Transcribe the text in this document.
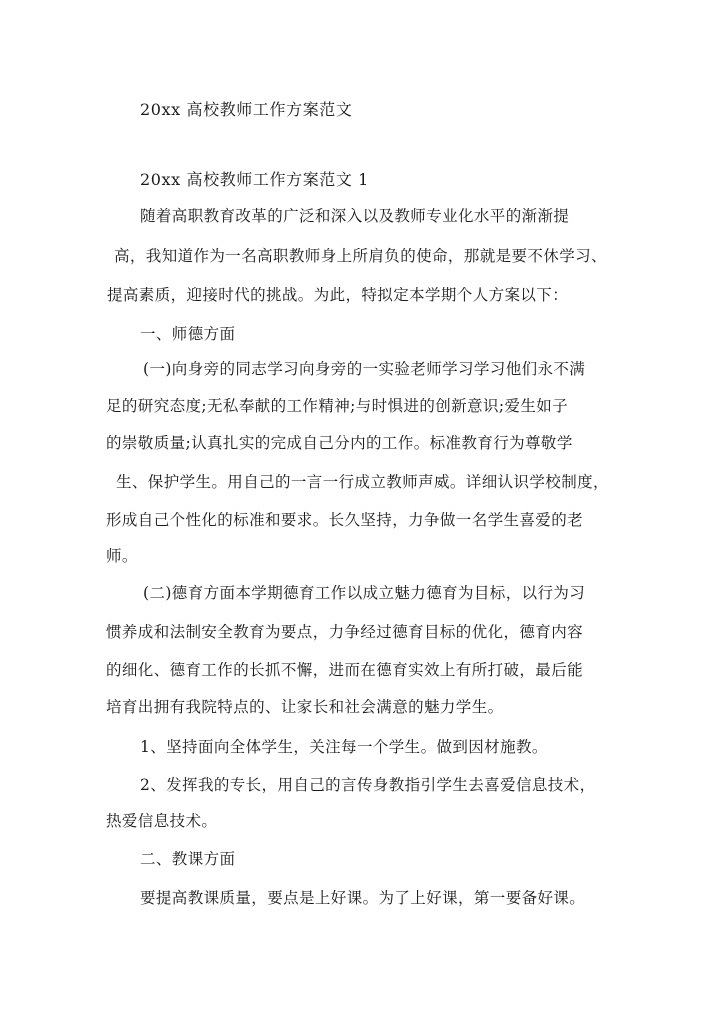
20xx 高校教师工作方案范文
20xx 高校教师工作方案范文 1
随着高职教育改革的广泛和深入以及教师专业化水平的渐渐提
高，我知道作为一名高职教师身上所肩负的使命，那就是要不休学习、
提高素质，迎接时代的挑战。为此，特拟定本学期个人方案以下：
一、师德方面
(一)向身旁的同志学习向身旁的一实验老师学习学习他们永不满
足的研究态度;无私奉献的工作精神;与时惧进的创新意识;爱生如子
的崇敬质量;认真扎实的完成自己分内的工作。标准教育行为尊敬学
生、保护学生。用自己的一言一行成立教师声威。详细认识学校制度，
形成自己个性化的标准和要求。长久坚持，力争做一名学生喜爱的老
师。
(二)德育方面本学期德育工作以成立魅力德育为目标，以行为习
惯养成和法制安全教育为要点，力争经过德育目标的优化，德育内容
的细化、德育工作的长抓不懈，进而在德育实效上有所打破，最后能
培育出拥有我院特点的、让家长和社会满意的魅力学生。
1、坚持面向全体学生，关注每一个学生。做到因材施教。
2、发挥我的专长，用自己的言传身教指引学生去喜爱信息技术，
热爱信息技术。
二、教课方面
要提高教课质量，要点是上好课。为了上好课，第一要备好课。
